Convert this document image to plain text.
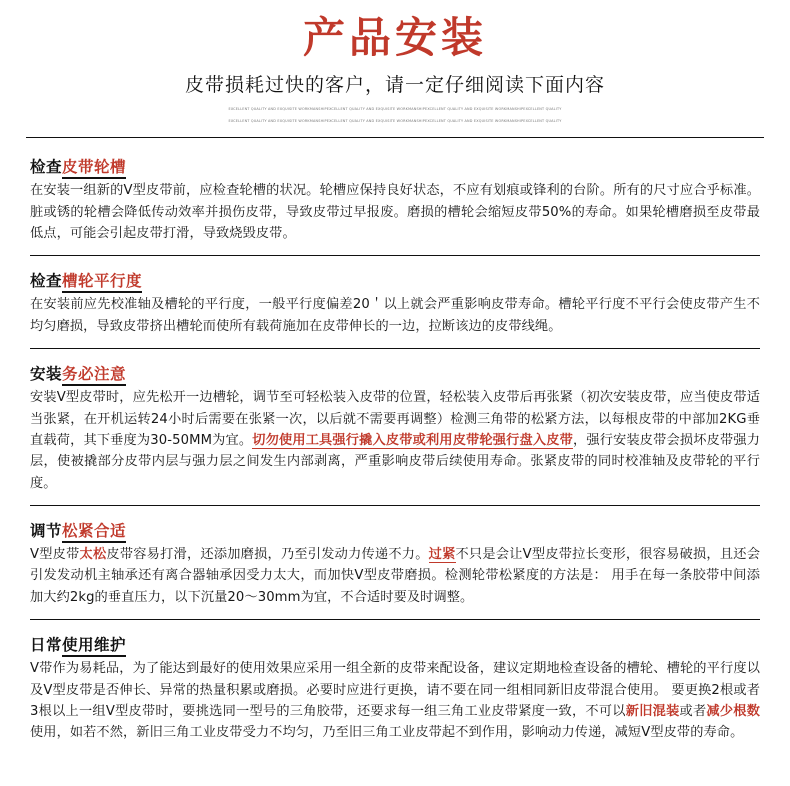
产品安装

皮带损耗过快的客户，请一定仔细阅读下面内容

EXCELLENT QUALITY AND EXQUISITE WORKMANSHIPEXCELLENT QUALITY AND EXQUISITE WORKMANSHIPEXCELLENT QUALITY AND EXQUISITE WORKMANSHIPEXCELLENT QUALITY
EXCELLENT QUALITY AND EXQUISITE WORKMANSHIPEXCELLENT QUALITY AND EXQUISITE WORKMANSHIPEXCELLENT QUALITY AND EXQUISITE WORKMANSHIPEXCELLENT QUALITY
检查皮带轮槽

在安装一组新的V型皮带前，应检查轮槽的状况。轮槽应保持良好状态，不应有划痕或锋利的台阶。所有的尺寸应合乎标准。脏或锈的轮槽会降低传动效率并损伤皮带，导致皮带过早报废。磨损的槽轮会缩短皮带50%的寿命。如果轮槽磨损至皮带最低点，可能会引起皮带打滑，导致烧毁皮带。

检查槽轮平行度

在安装前应先校准轴及槽轮的平行度，一般平行度偏差20＇以上就会严重影响皮带寿命。槽轮平行度不平行会使皮带产生不均匀磨损，导致皮带挤出槽轮而使所有载荷施加在皮带伸长的一边，拉断该边的皮带线绳。

安装务必注意

安装V型皮带时，应先松开一边槽轮，调节至可轻松装入皮带的位置，轻松装入皮带后再张紧（初次安装皮带，应当使皮带适当张紧，在开机运转24小时后需要在张紧一次，以后就不需要再调整）检测三角带的松紧方法，以每根皮带的中部加2KG垂直载荷，其下垂度为30-50MM为宜。切勿使用工具强行撬入皮带或利用皮带轮强行盘入皮带，强行安装皮带会损坏皮带强力层，使被撬部分皮带内层与强力层之间发生内部剥离，严重影响皮带后续使用寿命。张紧皮带的同时校准轴及皮带轮的平行度。

调节松紧合适

V型皮带太松皮带容易打滑，还添加磨损，乃至引发动力传递不力。过紧不只是会让V型皮带拉长变形，很容易破损，且还会引发发动机主轴承还有离合器轴承因受力太大，而加快V型皮带磨损。检测轮带松紧度的方法是： 用手在每一条胶带中间添加大约2kg的垂直压力，以下沉量20～30mm为宜，不合适时要及时调整。

日常使用维护

V带作为易耗品，为了能达到最好的使用效果应采用一组全新的皮带来配设备，建议定期地检查设备的槽轮、槽轮的平行度以及V型皮带是否伸长、异常的热量积累或磨损。必要时应进行更换，请不要在同一组相同新旧皮带混合使用。 要更换2根或者3根以上一组V型皮带时，要挑选同一型号的三角胶带，还要求每一组三角工业皮带紧度一致，不可以新旧混装或者减少根数使用，如若不然，新旧三角工业皮带受力不均匀，乃至旧三角工业皮带起不到作用，影响动力传递，减短V型皮带的寿命。
